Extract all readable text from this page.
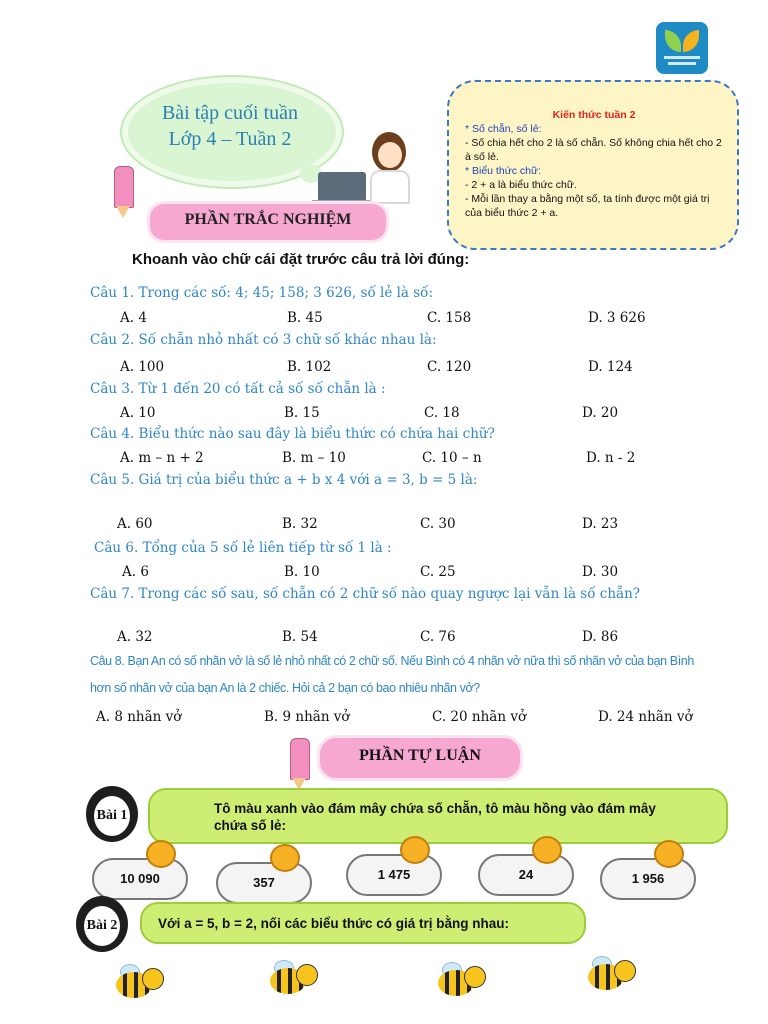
Bài tập cuối tuần
Lớp 4 – Tuần 2
Kiến thức tuần 2
* Số chẵn, số lẻ:
- Số chia hết cho 2 là số chẵn. Số không chia hết cho 2 à số lẻ.
* Biểu thức chữ:
- 2 + a là biểu thức chữ.
- Mỗi lần thay a bằng một số, ta tính được một giá trị của biểu thức 2 + a.
PHẦN TRẮC NGHIỆM
Khoanh vào chữ cái đặt trước câu trả lời đúng:
Câu 1. Trong các số: 4; 45; 158; 3 626, số lẻ là số:
A. 4	B. 45	C. 158	D. 3 626
Câu 2. Số chẵn nhỏ nhất có 3 chữ số khác nhau là:
A. 100	B. 102	C. 120	D. 124
Câu 3. Từ 1 đến 20 có tất cả số số chẵn là :
A. 10	B. 15	C. 18	D. 20
Câu 4. Biểu thức nào sau đây là biểu thức có chứa hai chữ?
A. m – n + 2	B. m – 10	C. 10 – n	D. n - 2
Câu 5. Giá trị của biểu thức a + b x 4 với a = 3, b = 5 là:
A. 60	B. 32	C. 30	D. 23
Câu 6. Tổng của 5 số lẻ liên tiếp từ số 1 là :
A. 6	B. 10	C. 25	D. 30
Câu 7. Trong các số sau, số chẵn có 2 chữ số nào quay ngược lại vẫn là số chẵn?
A. 32	B. 54	C. 76	D. 86
Câu 8. Bạn An có số nhãn vở là số lẻ nhỏ nhất có 2 chữ số. Nếu Bình có 4 nhãn vở nữa thì số nhãn vở của bạn Bình
hơn số nhãn vở của bạn An là 2 chiếc. Hỏi cả 2 bạn có bao nhiêu nhãn vở?
A. 8 nhãn vở	B. 9 nhãn vở	C. 20 nhãn vở	D. 24 nhãn vở
PHẦN TỰ LUẬN
Bài 1	Tô màu xanh vào đám mây chứa số chẵn, tô màu hồng vào đám mây
chứa số lẻ:
10 090	357
1 475	24	1 956
Bài 2	Với a = 5, b = 2, nối các biểu thức có giá trị bằng nhau:
